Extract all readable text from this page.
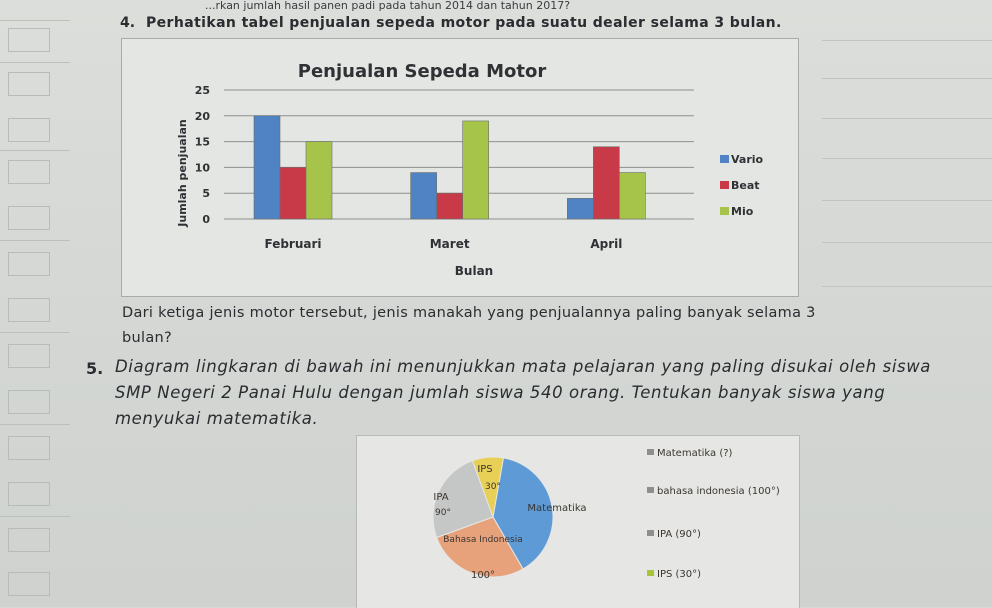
...rkan jumlah hasil panen padi pada tahun 2014 dan tahun 2017?
4. Perhatikan tabel penjualan sepeda motor pada suatu dealer selama 3 bulan.
Penjualan Sepeda Motor
Februari	Maret	April
0
5
10
15
20
25
Vario
Beat
Mio
Jumlah penjualan
Bulan
Dari ketiga jenis motor tersebut, jenis manakah yang penjualannya paling banyak selama 3
bulan?
5. Diagram lingkaran di bawah ini menunjukkan mata pelajaran yang paling disukai oleh siswa
SMP Negeri 2 Panai Hulu dengan jumlah siswa 540 orang. Tentukan banyak siswa yang
menyukai matematika.
IPS
30°
IPA
90°	Matematika
Bahasa Indonesia
100°
Matematika (?)
bahasa indonesia (100°)
IPA (90°)
IPS (30°)
